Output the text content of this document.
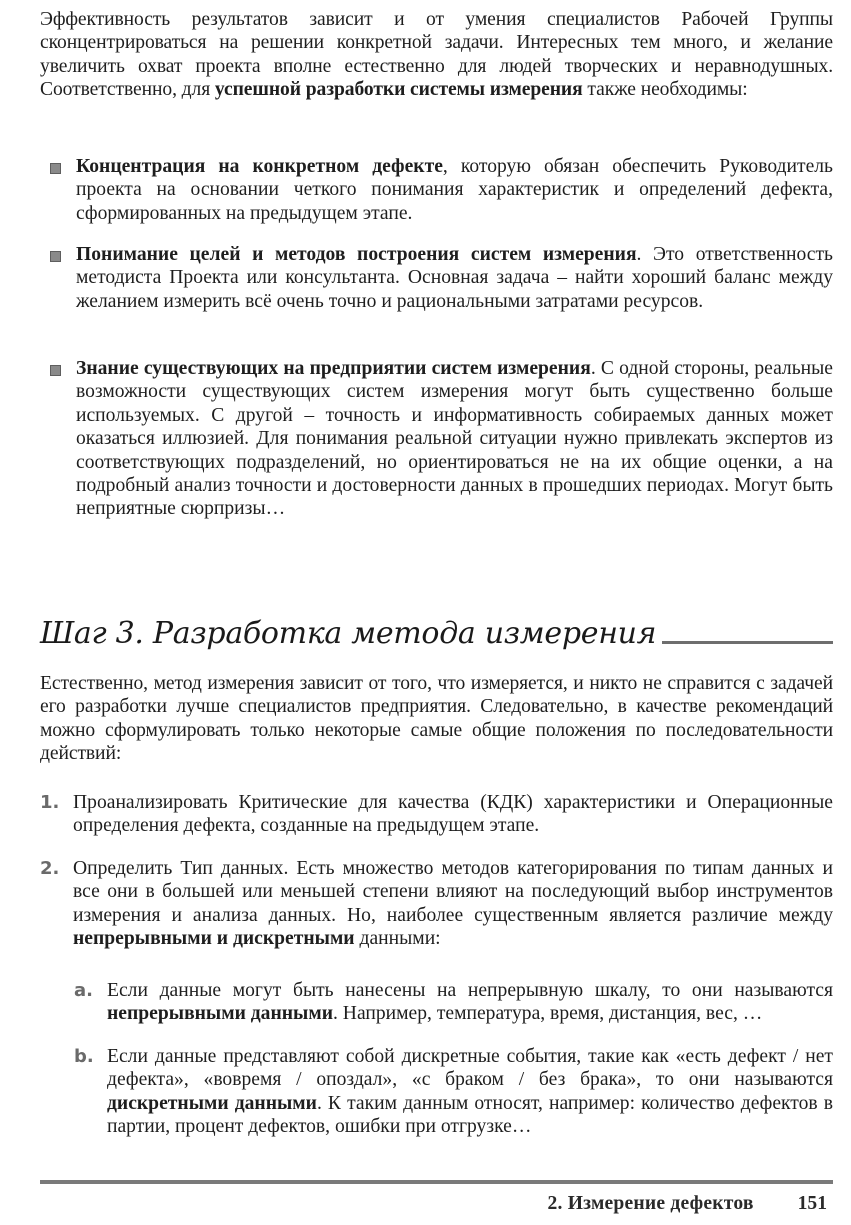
Эффективность результатов зависит и от умения специалистов Рабочей Группы сконцентрироваться на решении конкретной задачи. Интересных тем много, и желание увеличить охват проекта вполне естественно для людей творческих и неравнодушных. Соответственно, для успешной разработки системы измерения также необходимы:

Концентрация на конкретном дефекте, которую обязан обеспечить Руководитель проекта на основании четкого понимания характеристик и определений дефекта, сформированных на предыдущем этапе.
Понимание целей и методов построения систем измерения. Это ответственность методиста Проекта или консультанта. Основная задача – найти хороший баланс между желанием измерить всё очень точно и рациональными затратами ресурсов.
Знание существующих на предприятии систем измерения. С одной стороны, реальные возможности существующих систем измерения могут быть существенно больше используемых. С другой – точность и информативность собираемых данных может оказаться иллюзией. Для понимания реальной ситуации нужно привлекать экспертов из соответствующих подразделений, но ориентироваться не на их общие оценки, а на подробный анализ точности и достоверности данных в прошедших периодах. Могут быть неприятные сюрпризы…
Шаг 3. Разработка метода измерения

Естественно, метод измерения зависит от того, что измеряется, и никто не справится с задачей его разработки лучше специалистов предприятия. Следовательно, в качестве рекомендаций можно сформулировать только некоторые самые общие положения по последовательности действий:

1. Проанализировать Критические для качества (КДК) характеристики и Операционные определения дефекта, созданные на предыдущем этапе.
2. Определить Тип данных. Есть множество методов категорирования по типам данных и все они в большей или меньшей степени влияют на последующий выбор инструментов измерения и анализа данных. Но, наиболее существенным является различие между непрерывными и дискретными данными:
a. Если данные могут быть нанесены на непрерывную шкалу, то они называются непрерывными данными. Например, температура, время, дистанция, вес, …
b. Если данные представляют собой дискретные события, такие как «есть дефект / нет дефекта», «вовремя / опоздал», «с браком / без брака», то они называются дискретными данными. К таким данным относят, например: количество дефектов в партии, процент дефектов, ошибки при отгрузке…
2. Измерение дефектов 151
